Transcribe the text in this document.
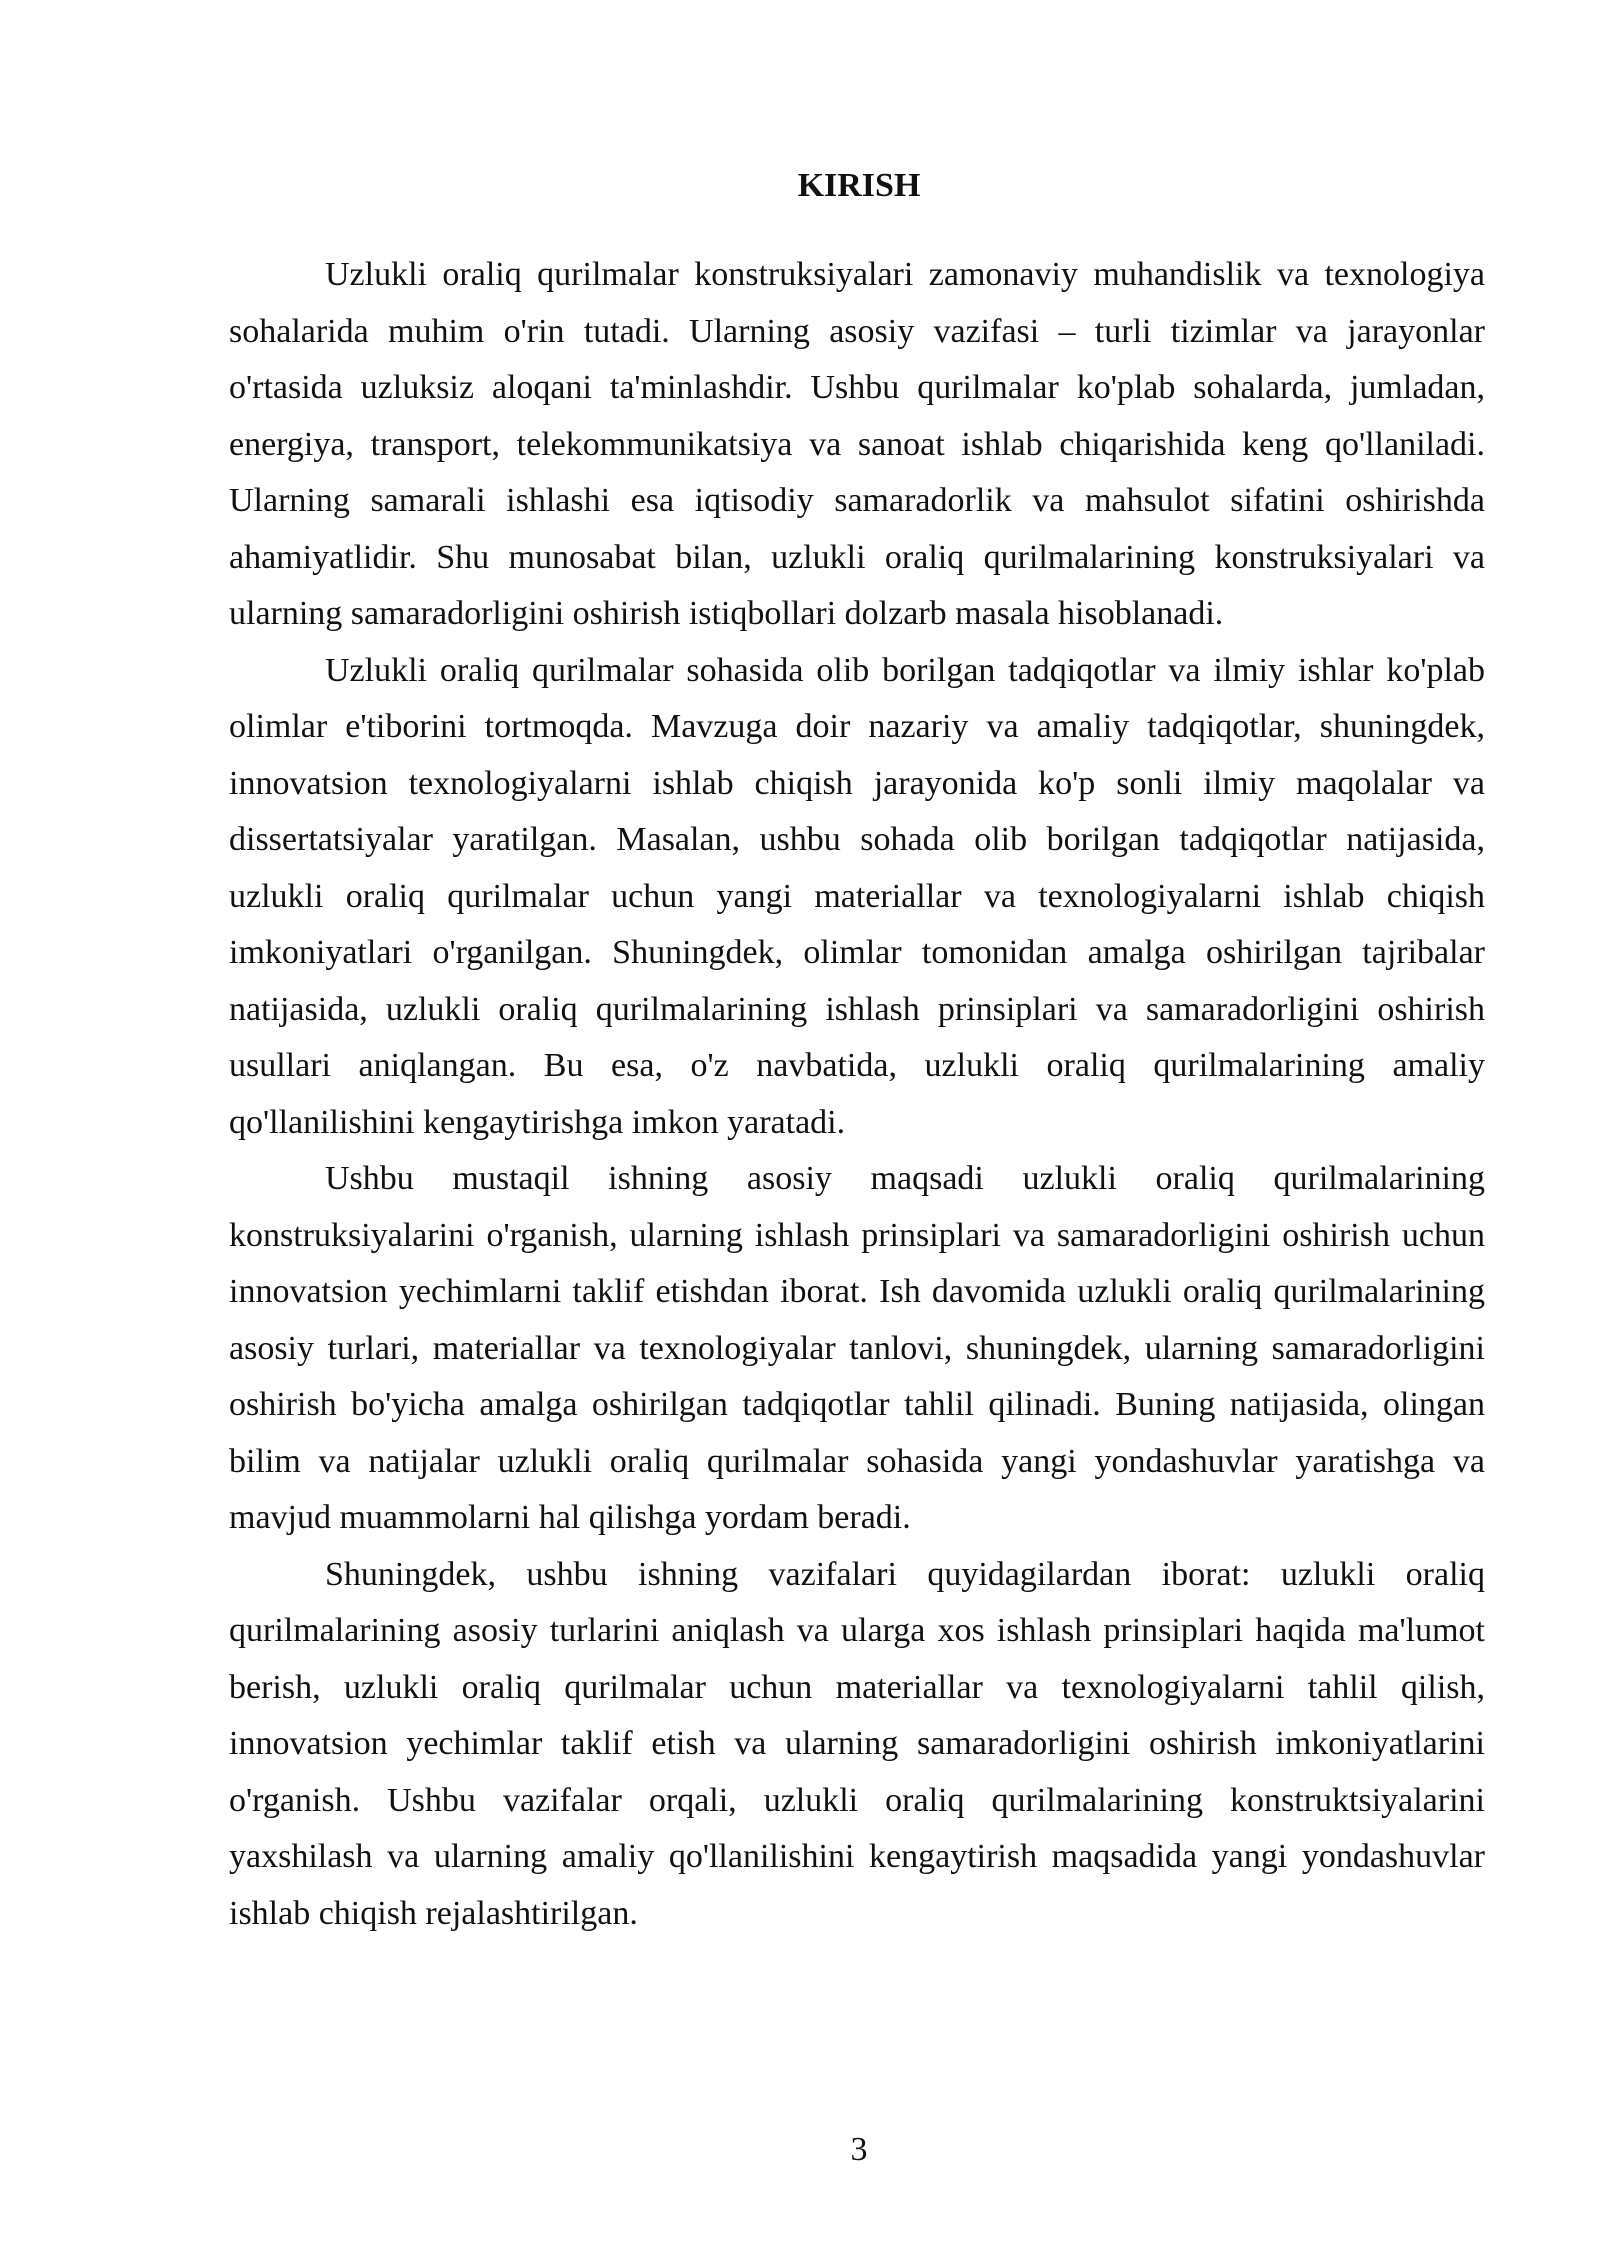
KIRISH

Uzlukli oraliq qurilmalar konstruksiyalari zamonaviy muhandislik va texnologiya sohalarida muhim o'rin tutadi. Ularning asosiy vazifasi – turli tizimlar va jarayonlar o'rtasida uzluksiz aloqani ta'minlashdir. Ushbu qurilmalar ko'plab sohalarda, jumladan, energiya, transport, telekommunikatsiya va sanoat ishlab chiqarishida keng qo'llaniladi. Ularning samarali ishlashi esa iqtisodiy samaradorlik va mahsulot sifatini oshirishda ahamiyatlidir. Shu munosabat bilan, uzlukli oraliq qurilmalarining konstruksiyalari va ularning samaradorligini oshirish istiqbollari dolzarb masala hisoblanadi.

Uzlukli oraliq qurilmalar sohasida olib borilgan tadqiqotlar va ilmiy ishlar ko'plab olimlar e'tiborini tortmoqda. Mavzuga doir nazariy va amaliy tadqiqotlar, shuningdek, innovatsion texnologiyalarni ishlab chiqish jarayonida ko'p sonli ilmiy maqolalar va dissertatsiyalar yaratilgan. Masalan, ushbu sohada olib borilgan tadqiqotlar natijasida, uzlukli oraliq qurilmalar uchun yangi materiallar va texnologiyalarni ishlab chiqish imkoniyatlari o'rganilgan. Shuningdek, olimlar tomonidan amalga oshirilgan tajribalar natijasida, uzlukli oraliq qurilmalarining ishlash prinsiplari va samaradorligini oshirish usullari aniqlangan. Bu esa, o'z navbatida, uzlukli oraliq qurilmalarining amaliy qo'llanilishini kengaytirishga imkon yaratadi.

Ushbu mustaqil ishning asosiy maqsadi uzlukli oraliq qurilmalarining konstruksiyalarini o'rganish, ularning ishlash prinsiplari va samaradorligini oshirish uchun innovatsion yechimlarni taklif etishdan iborat. Ish davomida uzlukli oraliq qurilmalarining asosiy turlari, materiallar va texnologiyalar tanlovi, shuningdek, ularning samaradorligini oshirish bo'yicha amalga oshirilgan tadqiqotlar tahlil qilinadi. Buning natijasida, olingan bilim va natijalar uzlukli oraliq qurilmalar sohasida yangi yondashuvlar yaratishga va mavjud muammolarni hal qilishga yordam beradi.

Shuningdek, ushbu ishning vazifalari quyidagilardan iborat: uzlukli oraliq qurilmalarining asosiy turlarini aniqlash va ularga xos ishlash prinsiplari haqida ma'lumot berish, uzlukli oraliq qurilmalar uchun materiallar va texnologiyalarni tahlil qilish, innovatsion yechimlar taklif etish va ularning samaradorligini oshirish imkoniyatlarini o'rganish. Ushbu vazifalar orqali, uzlukli oraliq qurilmalarining konstruktsiyalarini yaxshilash va ularning amaliy qo'llanilishini kengaytirish maqsadida yangi yondashuvlar ishlab chiqish rejalashtirilgan.

3
